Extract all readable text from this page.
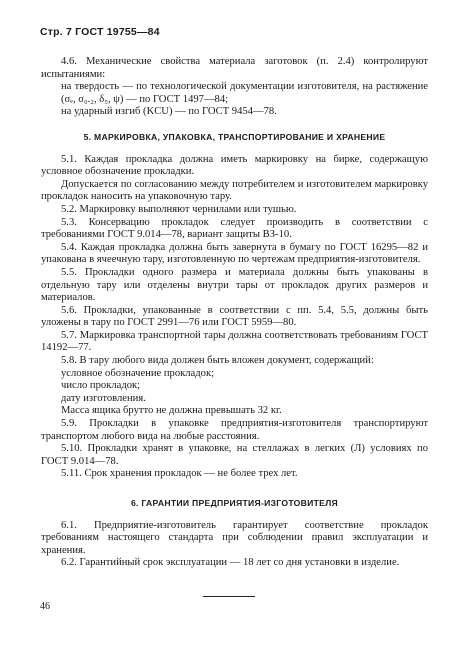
Стр. 7 ГОСТ 19755—84

4.6. Механические свойства материала заготовок (п. 2.4) контролируют испытаниями:

на твердость — по технологической документации изготовителя, на растяжение (σₑ, σ₀.₂, δ₅, ψ) — по ГОСТ 1497—84;

на ударный изгиб (KCU) — по ГОСТ 9454—78.

5. МАРКИРОВКА, УПАКОВКА, ТРАНСПОРТИРОВАНИЕ И ХРАНЕНИЕ

5.1. Каждая прокладка должна иметь маркировку на бирке, содержащую условное обозначение прокладки.

Допускается по согласованию между потребителем и изготовителем маркировку прокладок наносить на упаковочную тару.

5.2. Маркировку выполняют чернилами или тушью.

5.3. Консервацию прокладок следует производить в соответствии с требованиями ГОСТ 9.014—78, вариант защиты ВЗ-10.

5.4. Каждая прокладка должна быть завернута в бумагу по ГОСТ 16295—82 и упакована в ячеечную тару, изготовленную по чертежам предприятия-изготовителя.

5.5. Прокладки одного размера и материала должны быть упакованы в отдельную тару или отделены внутри тары от прокладок других размеров и материалов.

5.6. Прокладки, упакованные в соответствии с пп. 5.4, 5.5, должны быть уложены в тару по ГОСТ 2991—76 или ГОСТ 5959—80.

5.7. Маркировка транспортной тары должна соответствовать требованиям ГОСТ 14192—77.

5.8. В тару любого вида должен быть вложен документ, содержащий:

условное обозначение прокладок;

число прокладок;

дату изготовления.

Масса ящика брутто не должна превышать 32 кг.

5.9. Прокладки в упаковке предприятия-изготовителя транспортируют транспортом любого вида на любые расстояния.

5.10. Прокладки хранят в упаковке, на стеллажах в легких (Л) условиях по ГОСТ 9.014—78.

5.11. Срок хранения прокладок — не более трех лет.

6. ГАРАНТИИ ПРЕДПРИЯТИЯ-ИЗГОТОВИТЕЛЯ

6.1. Предприятие-изготовитель гарантирует соответствие прокладок требованиям настоящего стандарта при соблюдении правил эксплуатации и хранения.

6.2. Гарантийный срок эксплуатации — 18 лет со дня установки в изделие.

46
